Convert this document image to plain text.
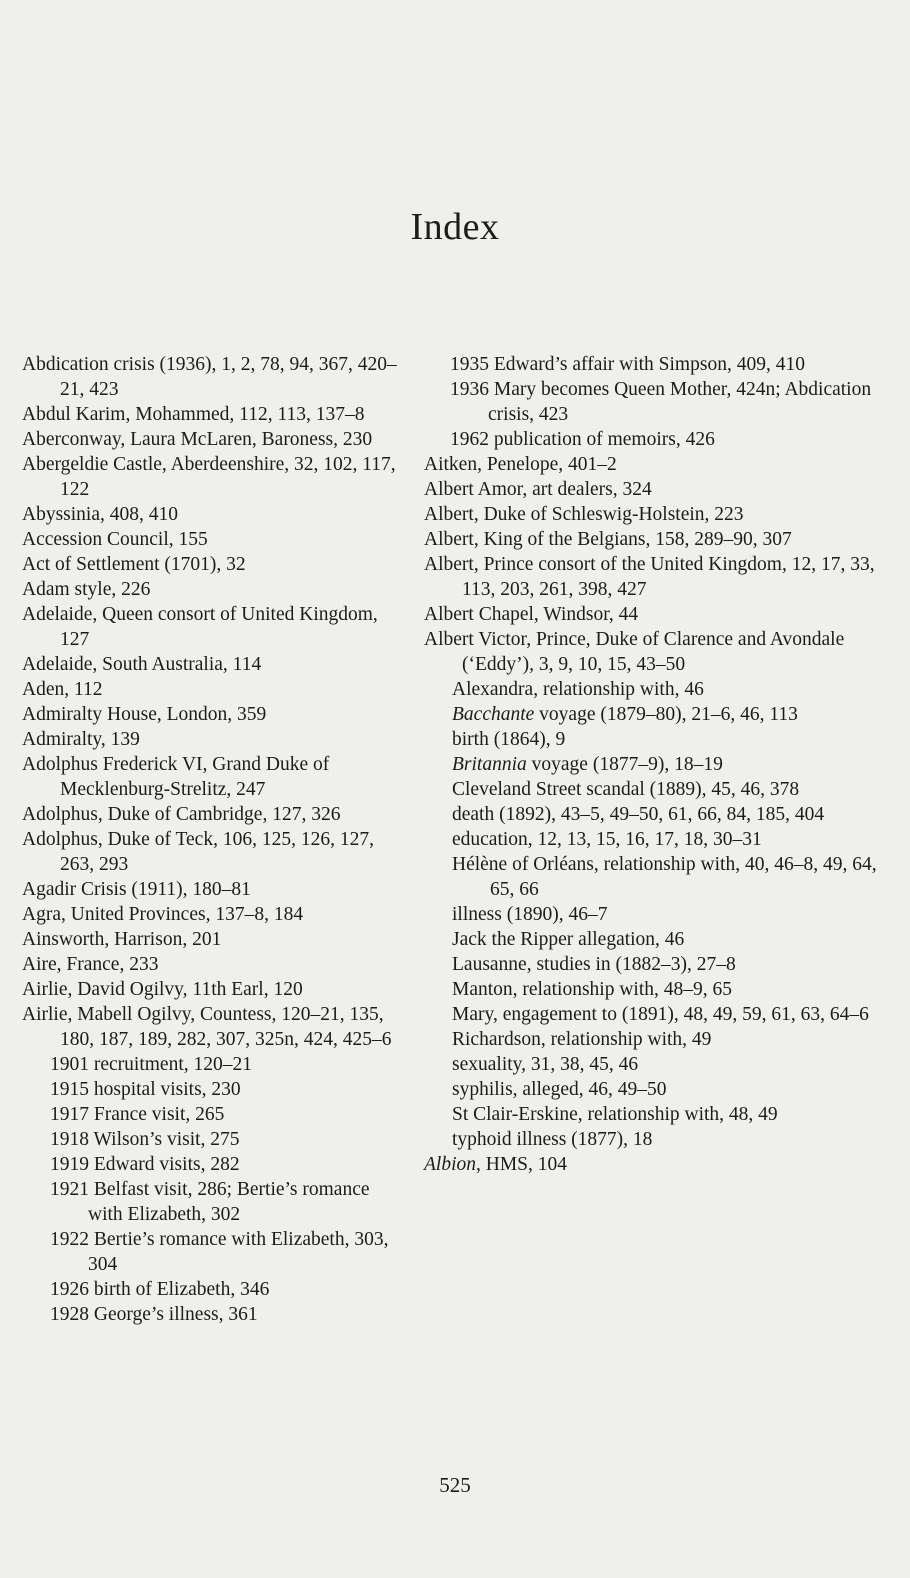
Index
Abdication crisis (1936), 1, 2, 78, 94, 367, 420–21, 423
Abdul Karim, Mohammed, 112, 113, 137–8
Aberconway, Laura McLaren, Baroness, 230
Abergeldie Castle, Aberdeenshire, 32, 102, 117, 122
Abyssinia, 408, 410
Accession Council, 155
Act of Settlement (1701), 32
Adam style, 226
Adelaide, Queen consort of United Kingdom, 127
Adelaide, South Australia, 114
Aden, 112
Admiralty House, London, 359
Admiralty, 139
Adolphus Frederick VI, Grand Duke of Mecklenburg-Strelitz, 247
Adolphus, Duke of Cambridge, 127, 326
Adolphus, Duke of Teck, 106, 125, 126, 127, 263, 293
Agadir Crisis (1911), 180–81
Agra, United Provinces, 137–8, 184
Ainsworth, Harrison, 201
Aire, France, 233
Airlie, David Ogilvy, 11th Earl, 120
Airlie, Mabell Ogilvy, Countess, 120–21, 135, 180, 187, 189, 282, 307, 325n, 424, 425–6
1901 recruitment, 120–21
1915 hospital visits, 230
1917 France visit, 265
1918 Wilson’s visit, 275
1919 Edward visits, 282
1921 Belfast visit, 286; Bertie’s romance with Elizabeth, 302
1922 Bertie’s romance with Elizabeth, 303, 304
1926 birth of Elizabeth, 346
1928 George’s illness, 361
1935 Edward’s affair with Simpson, 409, 410
1936 Mary becomes Queen Mother, 424n; Abdication crisis, 423
1962 publication of memoirs, 426
Aitken, Penelope, 401–2
Albert Amor, art dealers, 324
Albert, Duke of Schleswig-Holstein, 223
Albert, King of the Belgians, 158, 289–90, 307
Albert, Prince consort of the United Kingdom, 12, 17, 33, 113, 203, 261, 398, 427
Albert Chapel, Windsor, 44
Albert Victor, Prince, Duke of Clarence and Avondale (‘Eddy’), 3, 9, 10, 15, 43–50
Alexandra, relationship with, 46
Bacchante voyage (1879–80), 21–6, 46, 113
birth (1864), 9
Britannia voyage (1877–9), 18–19
Cleveland Street scandal (1889), 45, 46, 378
death (1892), 43–5, 49–50, 61, 66, 84, 185, 404
education, 12, 13, 15, 16, 17, 18, 30–31
Hélène of Orléans, relationship with, 40, 46–8, 49, 64, 65, 66
illness (1890), 46–7
Jack the Ripper allegation, 46
Lausanne, studies in (1882–3), 27–8
Manton, relationship with, 48–9, 65
Mary, engagement to (1891), 48, 49, 59, 61, 63, 64–6
Richardson, relationship with, 49
sexuality, 31, 38, 45, 46
syphilis, alleged, 46, 49–50
St Clair-Erskine, relationship with, 48, 49
typhoid illness (1877), 18
Albion, HMS, 104
525
